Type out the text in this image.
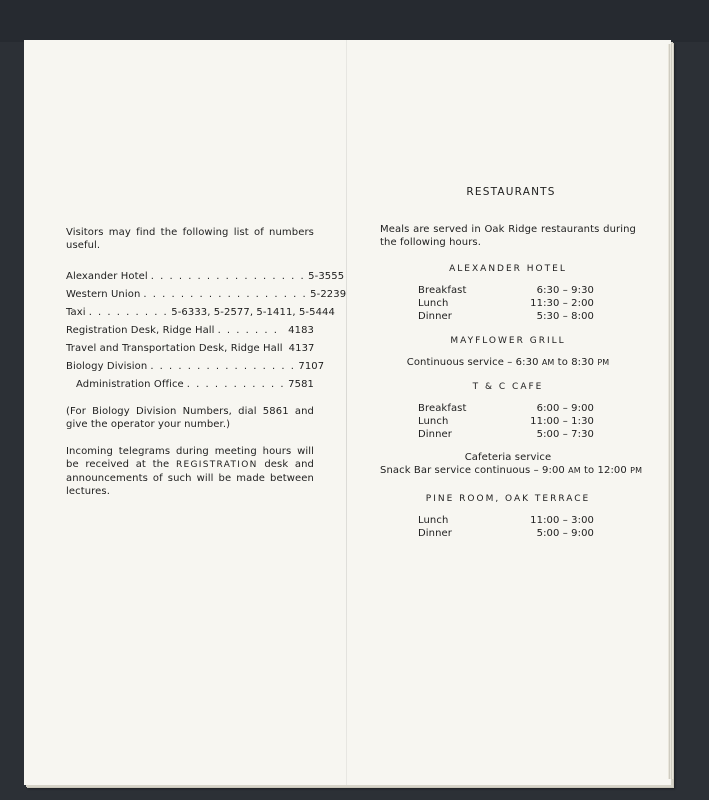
Visitors may find the following list of numbers useful.
Alexander Hotel . . . . . . . . . . . . . . . . . 5-3555
Western Union . . . . . . . . . . . . . . . . . . 5-2239
Taxi . . . . . . . . . 5-6333, 5-2577, 5-1411, 5-5444
Registration Desk, Ridge Hall . . . . . . . 4183
Travel and Transportation Desk, Ridge Hall 4137
Biology Division . . . . . . . . . . . . . . . . 7107
Administration Office . . . . . . . . . . . 7581
(For Biology Division Numbers, dial 5861 and give the operator your number.)
Incoming telegrams during meeting hours will be received at the REGISTRATION desk and announcements of such will be made between lectures.
RESTAURANTS
Meals are served in Oak Ridge restaurants during the following hours.
ALEXANDER HOTEL
Breakfast	6:30 – 9:30
Lunch	11:30 – 2:00
Dinner	5:30 – 8:00
MAYFLOWER GRILL
Continuous service – 6:30 AM to 8:30 PM
T & C CAFE
Breakfast	6:00 – 9:00
Lunch	11:00 – 1:30
Dinner	5:00 – 7:30
Cafeteria service
Snack Bar service continuous – 9:00 AM to 12:00 PM
PINE ROOM, OAK TERRACE
Lunch	11:00 – 3:00
Dinner	5:00 – 9:00
